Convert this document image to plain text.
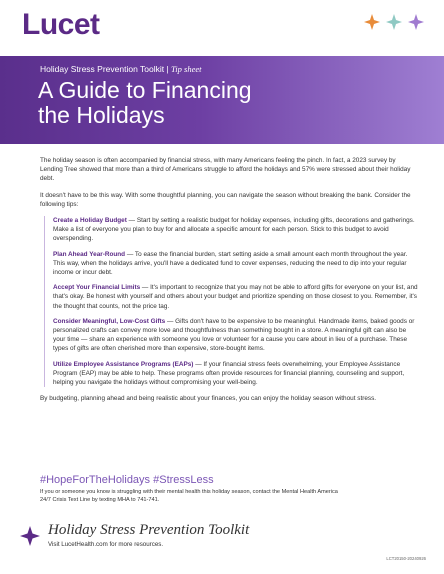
Lucet
Holiday Stress Prevention Toolkit | Tip sheet
A Guide to Financing
the Holidays

The holiday season is often accompanied by financial stress, with many Americans feeling the pinch. In fact, a 2023 survey by Lending Tree showed that more than a third of Americans struggle to afford the holidays and 57% were stressed about their holiday debt.

It doesn't have to be this way. With some thoughtful planning, you can navigate the season without breaking the bank. Consider the following tips:

Create a Holiday Budget — Start by setting a realistic budget for holiday expenses, including gifts, decorations and gatherings. Make a list of everyone you plan to buy for and allocate a specific amount for each person. Stick to this budget to avoid overspending.
Plan Ahead Year-Round — To ease the financial burden, start setting aside a small amount each month throughout the year. This way, when the holidays arrive, you'll have a dedicated fund to cover expenses, reducing the need to dip into your regular income or incur debt.
Accept Your Financial Limits — It's important to recognize that you may not be able to afford gifts for everyone on your list, and that's okay. Be honest with yourself and others about your budget and prioritize spending on those closest to you. Remember, it's the thought that counts, not the price tag.
Consider Meaningful, Low-Cost Gifts — Gifts don't have to be expensive to be meaningful. Handmade items, baked goods or personalized crafts can convey more love and thoughtfulness than something bought in a store. A meaningful gift can also be your time — share an experience with someone you love or volunteer for a cause you care about in lieu of a purchase. These types of gifts are often cherished more than expensive, store-bought items.
Utilize Employee Assistance Programs (EAPs) — If your financial stress feels overwhelming, your Employee Assistance Program (EAP) may be able to help. These programs often provide resources for financial planning, counseling and support, helping you navigate the holidays without compromising your well-being.

By budgeting, planning ahead and being realistic about your finances, you can enjoy the holiday season without stress.

#HopeForTheHolidays #StressLess
If you or someone you know is struggling with their mental health this holiday season, contact the Mental Health America 24/7 Crisis Text Line by texting MHA to 741-741.
Holiday Stress Prevention Toolkit
Visit LucetHealth.com for more resources.
LCT20150-20240926
